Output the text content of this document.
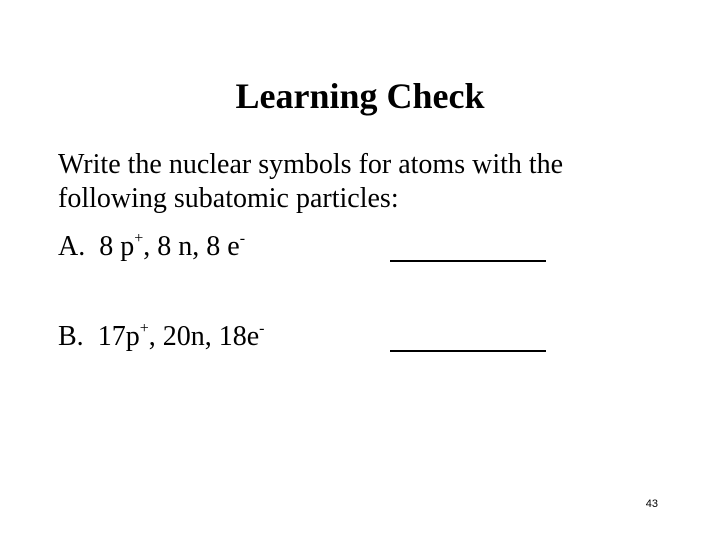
Learning Check
Write the nuclear symbols for atoms with the following subatomic particles:
A. 8 p+, 8 n, 8 e-
B. 17p+, 20n, 18e-
43
